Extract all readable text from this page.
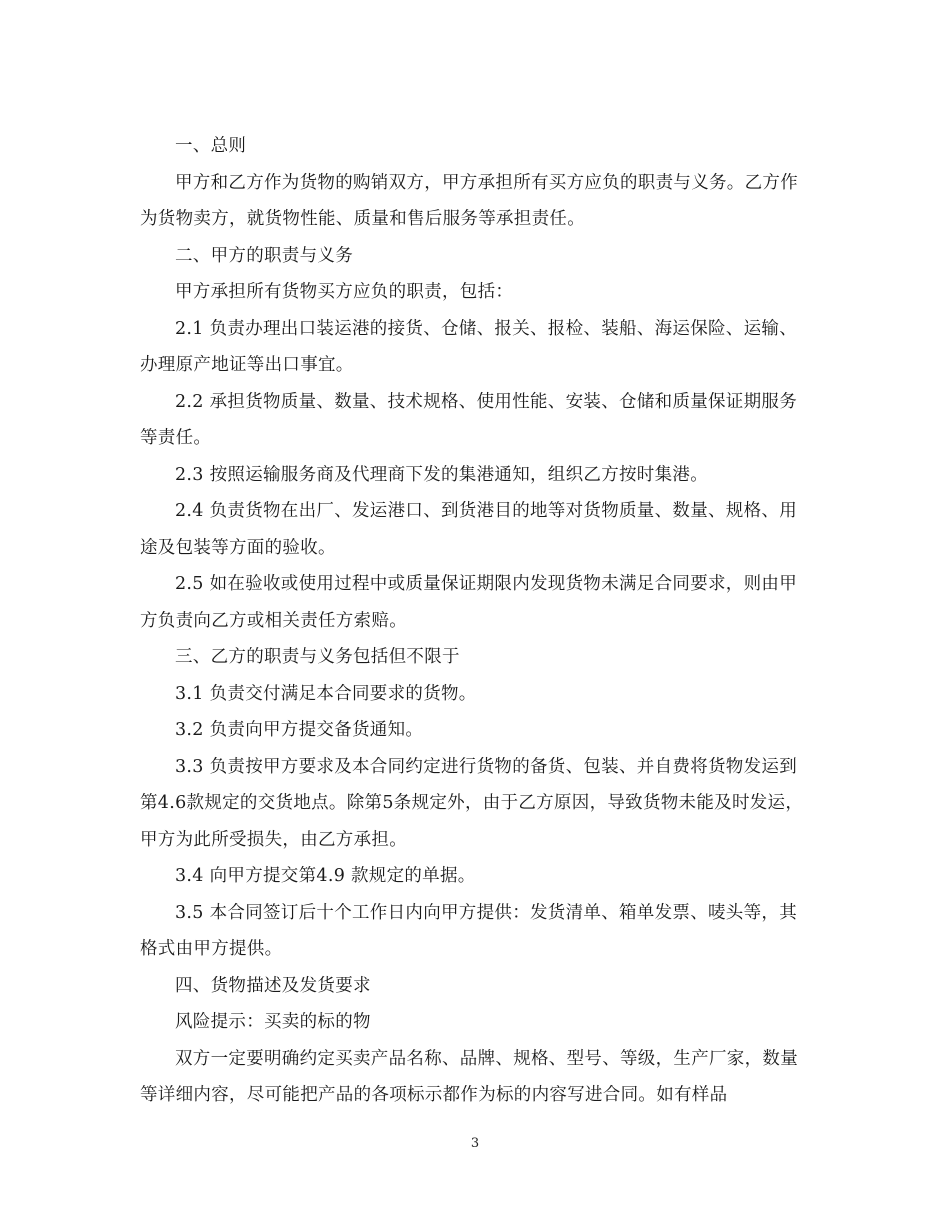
一、总则

甲方和乙方作为货物的购销双方，甲方承担所有买方应负的职责与义务。乙方作为货物卖方，就货物性能、质量和售后服务等承担责任。

二、甲方的职责与义务

甲方承担所有货物买方应负的职责，包括：

2.1 负责办理出口装运港的接货、仓储、报关、报检、装船、海运保险、运输、办理原产地证等出口事宜。

2.2 承担货物质量、数量、技术规格、使用性能、安装、仓储和质量保证期服务等责任。

2.3 按照运输服务商及代理商下发的集港通知，组织乙方按时集港。

2.4 负责货物在出厂、发运港口、到货港目的地等对货物质量、数量、规格、用途及包装等方面的验收。

2.5 如在验收或使用过程中或质量保证期限内发现货物未满足合同要求，则由甲方负责向乙方或相关责任方索赔。

三、乙方的职责与义务包括但不限于

3.1 负责交付满足本合同要求的货物。

3.2 负责向甲方提交备货通知。

3.3 负责按甲方要求及本合同约定进行货物的备货、包装、并自费将货物发运到第4.6款规定的交货地点。除第5条规定外，由于乙方原因，导致货物未能及时发运，甲方为此所受损失，由乙方承担。

3.4 向甲方提交第4.9 款规定的单据。

3.5 本合同签订后十个工作日内向甲方提供：发货清单、箱单发票、唛头等，其格式由甲方提供。

四、货物描述及发货要求

风险提示：买卖的标的物

双方一定要明确约定买卖产品名称、品牌、规格、型号、等级，生产厂家，数量等详细内容，尽可能把产品的各项标示都作为标的内容写进合同。如有样品

3
